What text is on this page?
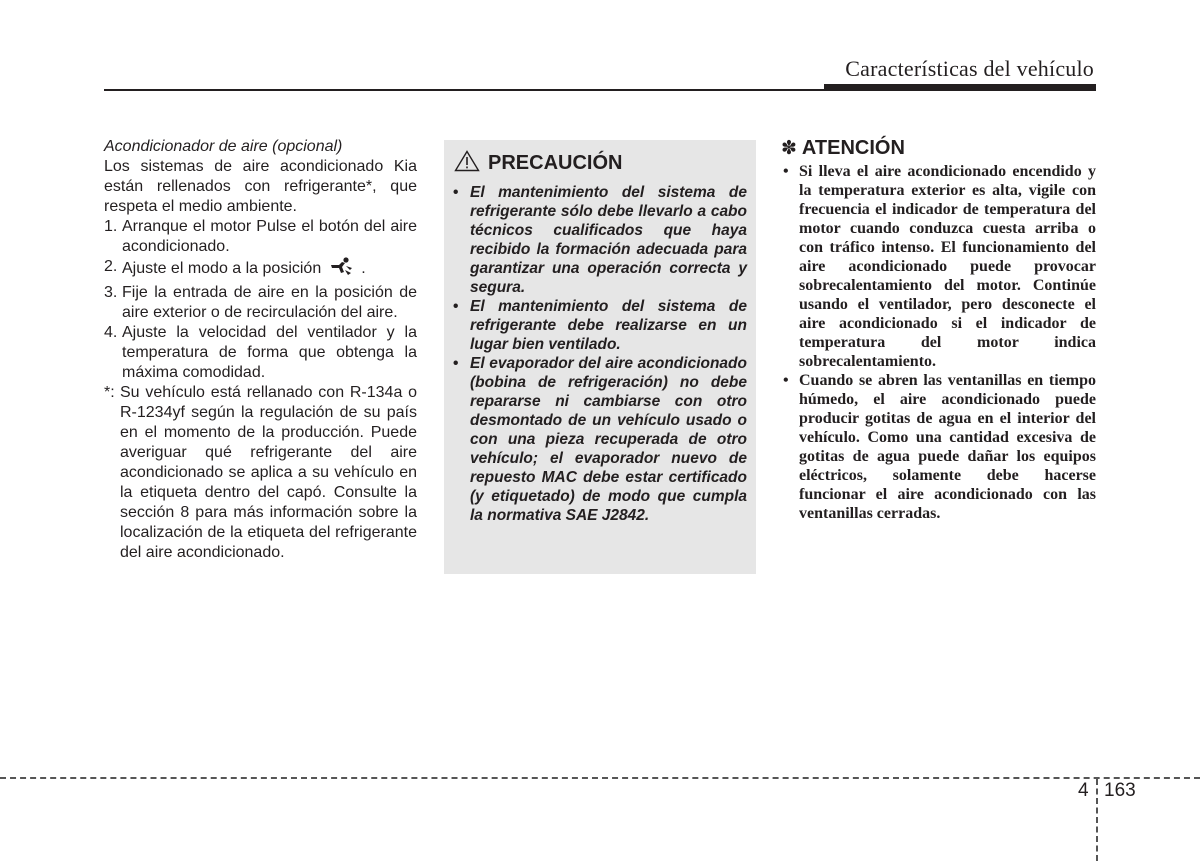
Características del vehículo

Acondicionador de aire (opcional)

Los sistemas de aire acondicionado Kia están rellenados con refrigerante*, que respeta el medio ambiente.

1. Arranque el motor Pulse el botón del aire acondicionado.
2. Ajuste el modo a la posición	.
3. Fije la entrada de aire en la posición de aire exterior o de recirculación del aire.
4. Ajuste la velocidad del ventilador y la temperatura de forma que obtenga la máxima comodidad.

*: Su vehículo está rellanado con R-134a o R-1234yf según la regulación de su país en el momento de la producción. Puede averiguar qué refrigerante del aire acondicionado se aplica a su vehículo en la etiqueta dentro del capó. Consulte la sección 8 para más información sobre la localización de la etiqueta del refrigerante del aire acondicionado.

PRECAUCIÓN
• El mantenimiento del sistema de refrigerante sólo debe llevarlo a cabo técnicos cualificados que haya recibido la formación adecuada para garantizar una operación correcta y segura.
• El mantenimiento del sistema de refrigerante debe realizarse en un lugar bien ventilado.
• El evaporador del aire acondicionado (bobina de refrigeración) no debe repararse ni cambiarse con otro desmontado de un vehículo usado o con una pieza recuperada de otro vehículo; el evaporador nuevo de repuesto MAC debe estar certificado (y etiquetado) de modo que cumpla la normativa SAE J2842.
✽ ATENCIÓN
• Si lleva el aire acondicionado encendido y la temperatura exterior es alta, vigile con frecuencia el indicador de temperatura del motor cuando conduzca cuesta arriba o con tráfico intenso. El funcionamiento del aire acondicionado puede provocar sobrecalentamiento del motor. Continúe usando el ventilador, pero desconecte el aire acondicionado si el indicador de temperatura del motor indica sobrecalentamiento.
• Cuando se abren las ventanillas en tiempo húmedo, el aire acondicionado puede producir gotitas de agua en el interior del vehículo. Como una cantidad excesiva de gotitas de agua puede dañar los equipos eléctricos, solamente debe hacerse funcionar el aire acondicionado con las ventanillas cerradas.
4 163
